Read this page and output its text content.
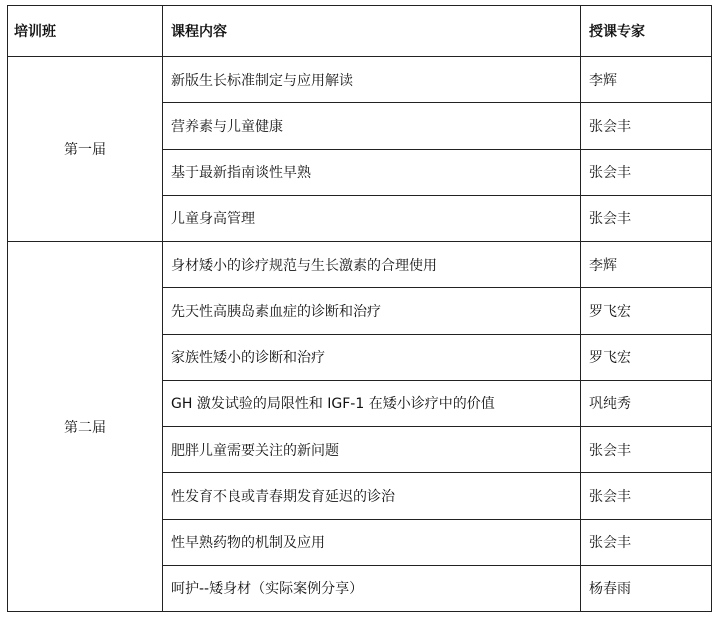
培训班	课程内容	授课专家
第一届	新版生长标准制定与应用解读	李辉
	营养素与儿童健康	张会丰
	基于最新指南谈性早熟	张会丰
	儿童身高管理	张会丰
第二届	身材矮小的诊疗规范与生长激素的合理使用	李辉
	先天性高胰岛素血症的诊断和治疗	罗飞宏
	家族性矮小的诊断和治疗	罗飞宏
	GH 激发试验的局限性和 IGF-1 在矮小诊疗中的价值	巩纯秀
	肥胖儿童需要关注的新问题	张会丰
	性发育不良或青春期发育延迟的诊治	张会丰
	性早熟药物的机制及应用	张会丰
	呵护--矮身材（实际案例分享）	杨春雨
